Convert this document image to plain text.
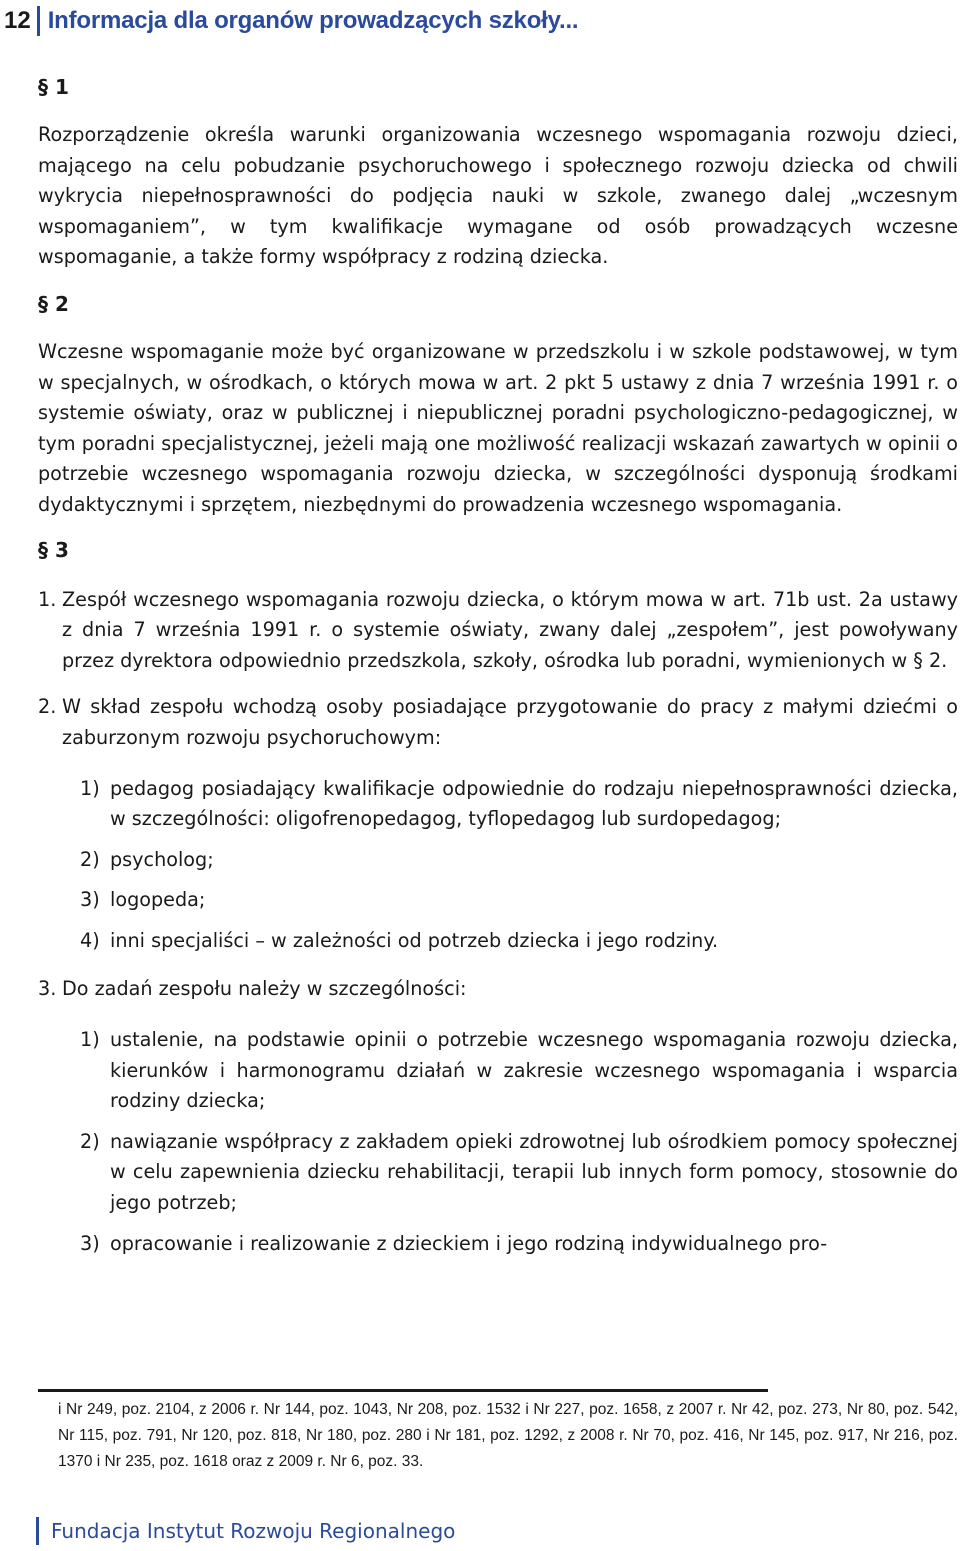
12 Informacja dla organów prowadzących szkoły...
§ 1

Rozporządzenie określa warunki organizowania wczesnego wspomagania rozwoju dzieci, mającego na celu pobudzanie psychoruchowego i społecznego rozwoju dziecka od chwili wykrycia niepełnosprawności do podjęcia nauki w szkole, zwanego dalej „wczesnym wspomaganiem”, w tym kwalifikacje wymagane od osób prowadzących wczesne wspomaganie, a także formy współpracy z rodziną dziecka.

§ 2

Wczesne wspomaganie może być organizowane w przedszkolu i w szkole podstawowej, w tym w specjalnych, w ośrodkach, o których mowa w art. 2 pkt 5 ustawy z dnia 7 września 1991 r. o systemie oświaty, oraz w publicznej i niepublicznej poradni psychologiczno-pedagogicznej, w tym poradni specjalistycznej, jeżeli mają one możliwość realizacji wskazań zawartych w opinii o potrzebie wczesnego wspomagania rozwoju dziecka, w szczególności dysponują środkami dydaktycznymi i sprzętem, niezbędnymi do prowadzenia wczesnego wspomagania.

§ 3
1. Zespół wczesnego wspomagania rozwoju dziecka, o którym mowa w art. 71b ust. 2a ustawy z dnia 7 września 1991 r. o systemie oświaty, zwany dalej „zespołem”, jest powoływany przez dyrektora odpowiednio przedszkola, szkoły, ośrodka lub poradni, wymienionych w § 2.
2. W skład zespołu wchodzą osoby posiadające przygotowanie do pracy z małymi dziećmi o zaburzonym rozwoju psychoruchowym:
1) pedagog posiadający kwalifikacje odpowiednie do rodzaju niepełnosprawności dziecka, w szczególności: oligofrenopedagog, tyflopedagog lub surdopedagog;
2) psycholog;
3) logopeda;
4) inni specjaliści – w zależności od potrzeb dziecka i jego rodziny.
3. Do zadań zespołu należy w szczególności:
1) ustalenie, na podstawie opinii o potrzebie wczesnego wspomagania rozwoju dziecka, kierunków i harmonogramu działań w zakresie wczesnego wspomagania i wsparcia rodziny dziecka;
2) nawiązanie współpracy z zakładem opieki zdrowotnej lub ośrodkiem pomocy społecznej w celu zapewnienia dziecku rehabilitacji, terapii lub innych form pomocy, stosownie do jego potrzeb;
3) opracowanie i realizowanie z dzieckiem i jego rodziną indywidualnego pro-
i Nr 249, poz. 2104, z 2006 r. Nr 144, poz. 1043, Nr 208, poz. 1532 i Nr 227, poz. 1658, z 2007 r. Nr 42, poz. 273, Nr 80, poz. 542, Nr 115, poz. 791, Nr 120, poz. 818, Nr 180, poz. 280 i Nr 181, poz. 1292, z 2008 r. Nr 70, poz. 416, Nr 145, poz. 917, Nr 216, poz. 1370 i Nr 235, poz. 1618 oraz z 2009 r. Nr 6, poz. 33.
Fundacja Instytut Rozwoju Regionalnego
